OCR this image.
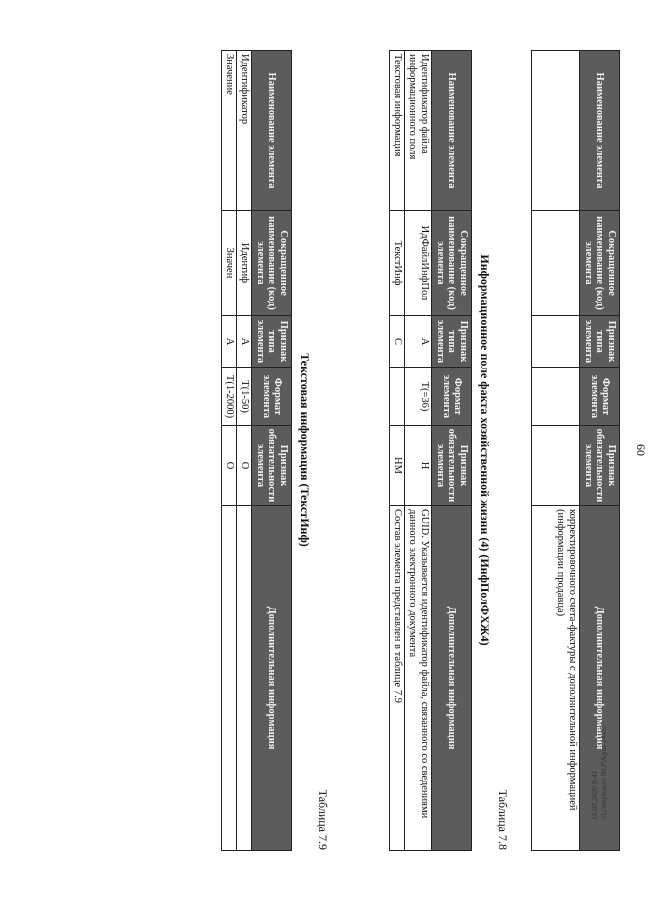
60
Наименование элемента	Сокращенное наименование (код) элемента	Признак типа элемента	Формат элемента	Признак обязательности элемента	Дополнительная информация
					корректировочного счета-фактуры с дополнительной информацией (информации продавца)
Таблица 7.8
Информационное поле факта хозяйственной жизни (4) (ИнфПолФХЖ4)
Наименование элемента	Сокращенное наименование (код) элемента	Признак типа элемента	Формат элемента	Признак обязательности элемента	Дополнительная информация
Идентификатор файла информационного поля	ИдФайлИнфПол	А	T(=36)	Н	GUID. Указывается идентификатор файла, связанного со сведениями данного электронного документа
Текстовая информация	ТекстИнф	С		НМ	Состав элемента представлен в таблице 7.9
Таблица 7.9
Текстовая информация (ТекстИнф)
Наименование элемента	Сокращенное наименование (код) элемента	Признак типа элемента	Формат элемента	Признак обязательности элемента	Дополнительная информация
Идентификатор	Идентиф	А	T(1-50)	О	
Значение	Значен	А	T(1-2000)	О	
15.07.2020 9:41 \\Lcompbuero 90.P.Aqua-14457
